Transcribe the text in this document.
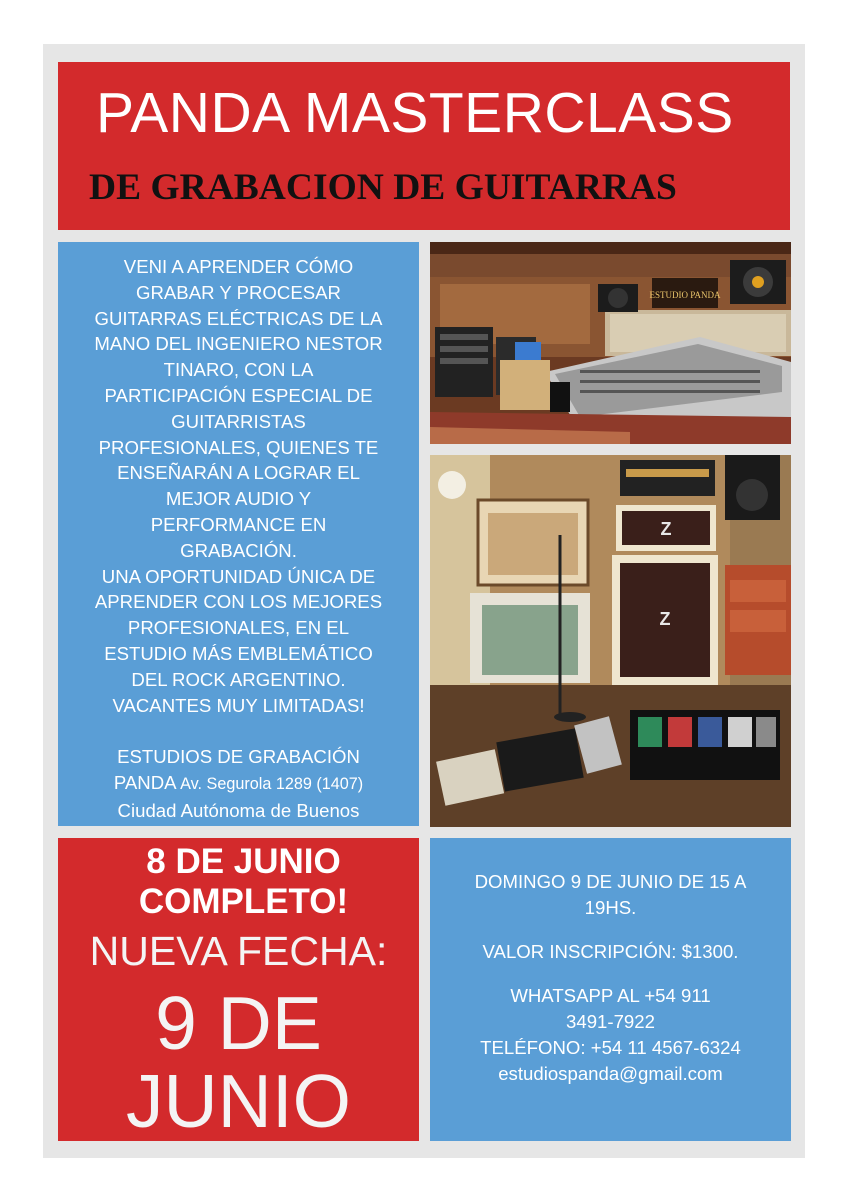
PANDA MASTERCLASS
DE GRABACION DE GUITARRAS
VENI A APRENDER CÓMO
GRABAR Y PROCESAR
GUITARRAS ELÉCTRICAS DE LA
MANO DEL INGENIERO NESTOR
TINARO, CON LA
PARTICIPACIÓN ESPECIAL DE
GUITARRISTAS
PROFESIONALES, QUIENES TE
ENSEÑARÁN A LOGRAR EL
MEJOR AUDIO Y
PERFORMANCE EN
GRABACIÓN.
UNA OPORTUNIDAD ÚNICA DE
APRENDER CON LOS MEJORES
PROFESIONALES, EN EL
ESTUDIO MÁS EMBLEMÁTICO
DEL ROCK ARGENTINO.
VACANTES MUY LIMITADAS!
ESTUDIOS DE GRABACIÓN
PANDA Av. Segurola 1289 (1407)
Ciudad Autónoma de Buenos
ESTUDIO PANDA
Z
Z
8 DE JUNIO
COMPLETO!
NUEVA FECHA:
9 DE
JUNIO
DOMINGO 9 DE JUNIO DE 15 A
19HS.
VALOR INSCRIPCIÓN: $1300.
WHATSAPP AL +54 911
3491-7922
TELÉFONO: +54 11 4567-6324
estudiospanda@gmail.com
